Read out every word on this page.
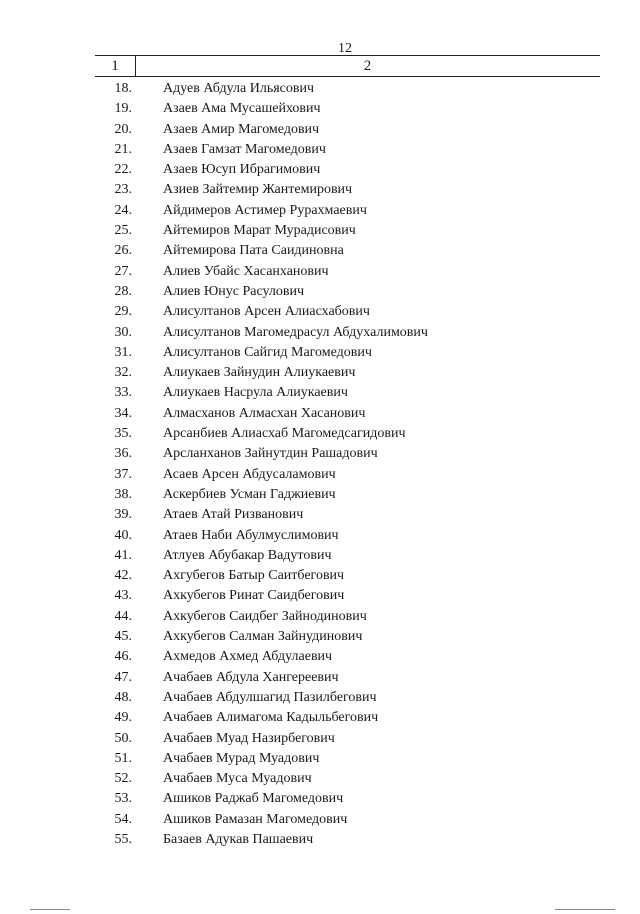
12
1	2
18. Адуев Абдула Ильясович
19. Азаев Ама Мусашейхович
20. Азаев Амир Магомедович
21. Азаев Гамзат Магомедович
22. Азаев Юсуп Ибрагимович
23. Азиев Зайтемир Жантемирович
24. Айдимеров Астимер Рурахмаевич
25. Айтемиров Марат Мурадисович
26. Айтемирова Пата Саидиновна
27. Алиев Убайс Хасанханович
28. Алиев Юнус Расулович
29. Алисултанов Арсен Алиасхабович
30. Алисултанов Магомедрасул Абдухалимович
31. Алисултанов Сайгид Магомедович
32. Алиукаев Зайнудин Алиукаевич
33. Алиукаев Насрула Алиукаевич
34. Алмасханов Алмасхан Хасанович
35. Арсанбиев Алиасхаб Магомедсагидович
36. Арсланханов Зайнутдин Рашадович
37. Асаев Арсен Абдусаламович
38. Аскербиев Усман Гаджиевич
39. Атаев Атай Ризванович
40. Атаев Наби Абулмуслимович
41. Атлуев Абубакар Вадутович
42. Ахгубегов Батыр Саитбегович
43. Ахкубегов Ринат Саидбегович
44. Ахкубегов Саидбег Зайнодинович
45. Ахкубегов Салман Зайнудинович
46. Ахмедов Ахмед Абдулаевич
47. Ачабаев Абдула Хангереевич
48. Ачабаев Абдулшагид Пазилбегович
49. Ачабаев Алимагома Кадыльбегович
50. Ачабаев Муад Назирбегович
51. Ачабаев Мурад Муадович
52. Ачабаев Муса Муадович
53. Ашиков Раджаб Магомедович
54. Ашиков Рамазан Магомедович
55. Базаев Адукав Пашаевич
